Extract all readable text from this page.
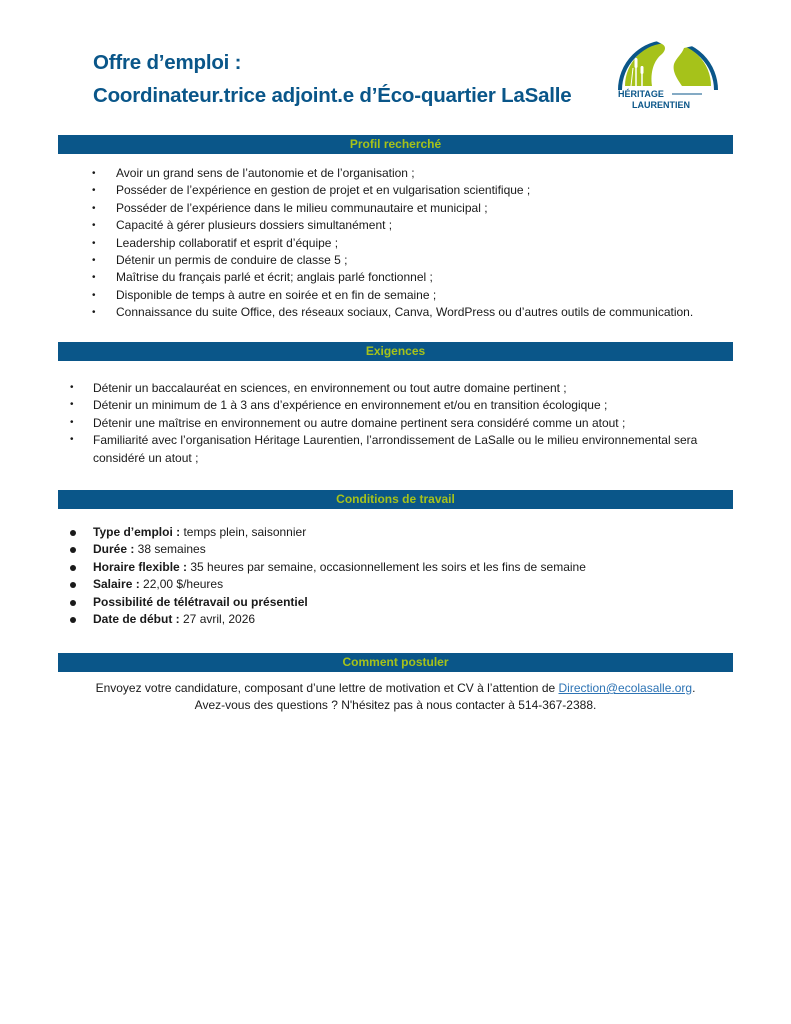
Offre d’emploi :
Coordinateur.trice adjoint.e d’Éco-quartier LaSalle	HÉRITAGE
LAURENTIEN
Profil recherché
• Avoir un grand sens de l’autonomie et de l’organisation ;
• Posséder de l’expérience en gestion de projet et en vulgarisation scientifique ;
• Posséder de l’expérience dans le milieu communautaire et municipal ;
• Capacité à gérer plusieurs dossiers simultanément ;
• Leadership collaboratif et esprit d’équipe ;
• Détenir un permis de conduire de classe 5 ;
• Maîtrise du français parlé et écrit; anglais parlé fonctionnel ;
• Disponible de temps à autre en soirée et en fin de semaine ;
• Connaissance du suite Office, des réseaux sociaux, Canva, WordPress ou d’autres outils de communication.
Exigences
• Détenir un baccalauréat en sciences, en environnement ou tout autre domaine pertinent ;
• Détenir un minimum de 1 à 3 ans d’expérience en environnement et/ou en transition écologique ;
• Détenir une maîtrise en environnement ou autre domaine pertinent sera considéré comme un atout ;
• Familiarité avec l’organisation Héritage Laurentien, l’arrondissement de LaSalle ou le milieu environnemental sera considéré un atout ;
Conditions de travail
Type d’emploi : temps plein, saisonnier
Durée : 38 semaines
Horaire flexible : 35 heures par semaine, occasionnellement les soirs et les fins de semaine
Salaire : 22,00 $/heures
Possibilité de télétravail ou présentiel
Date de début : 27 avril, 2026
Comment postuler
Envoyez votre candidature, composant d’une lettre de motivation et CV à l’attention de Direction@ecolasalle.org.
Avez-vous des questions ? N'hésitez pas à nous contacter à 514-367-2388.
